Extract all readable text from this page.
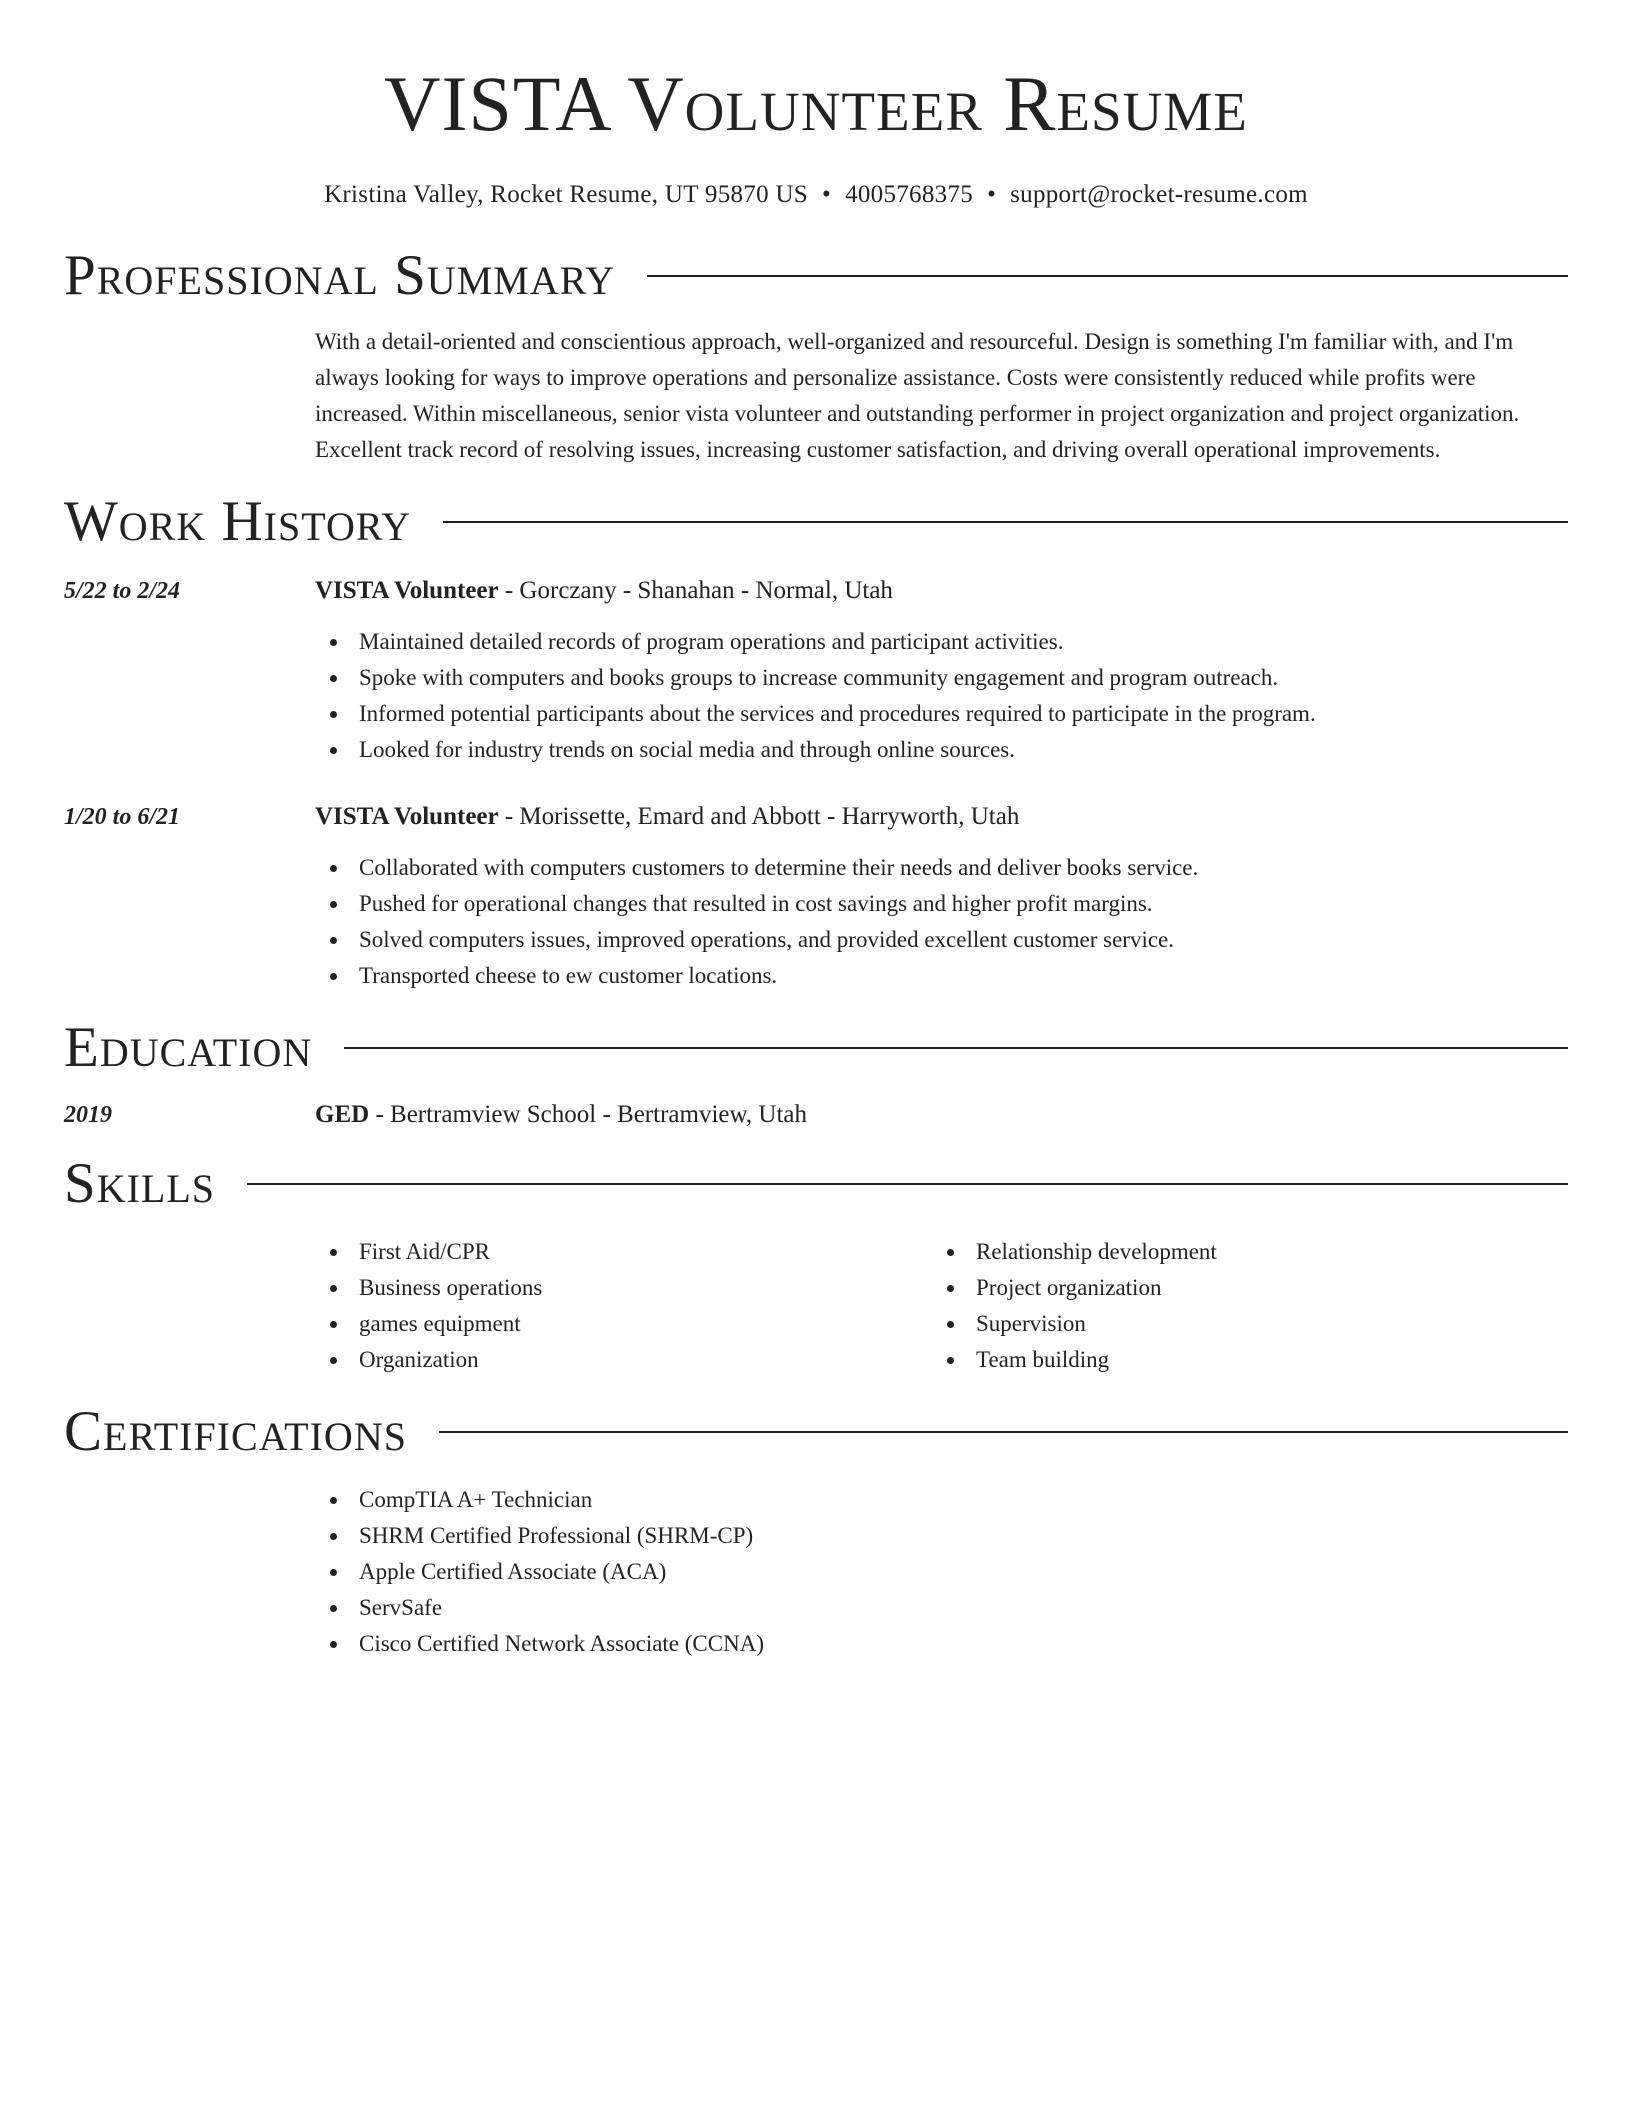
VISTA Volunteer Resume
Kristina Valley, Rocket Resume, UT 95870 US • 4005768375 • support@rocket-resume.com
Professional Summary
With a detail-oriented and conscientious approach, well-organized and resourceful. Design is something I'm familiar with, and I'm always looking for ways to improve operations and personalize assistance. Costs were consistently reduced while profits were increased. Within miscellaneous, senior vista volunteer and outstanding performer in project organization and project organization. Excellent track record of resolving issues, increasing customer satisfaction, and driving overall operational improvements.
Work History
5/22 to 2/24	VISTA Volunteer - Gorczany - Shanahan - Normal, Utah
Maintained detailed records of program operations and participant activities.
Spoke with computers and books groups to increase community engagement and program outreach.
Informed potential participants about the services and procedures required to participate in the program.
Looked for industry trends on social media and through online sources.
1/20 to 6/21	VISTA Volunteer - Morissette, Emard and Abbott - Harryworth, Utah
Collaborated with computers customers to determine their needs and deliver books service.
Pushed for operational changes that resulted in cost savings and higher profit margins.
Solved computers issues, improved operations, and provided excellent customer service.
Transported cheese to ew customer locations.
Education
2019	GED - Bertramview School - Bertramview, Utah
Skills
First Aid/CPR
Business operations
games equipment
Organization
Relationship development
Project organization
Supervision
Team building
Certifications
CompTIA A+ Technician
SHRM Certified Professional (SHRM-CP)
Apple Certified Associate (ACA)
ServSafe
Cisco Certified Network Associate (CCNA)
